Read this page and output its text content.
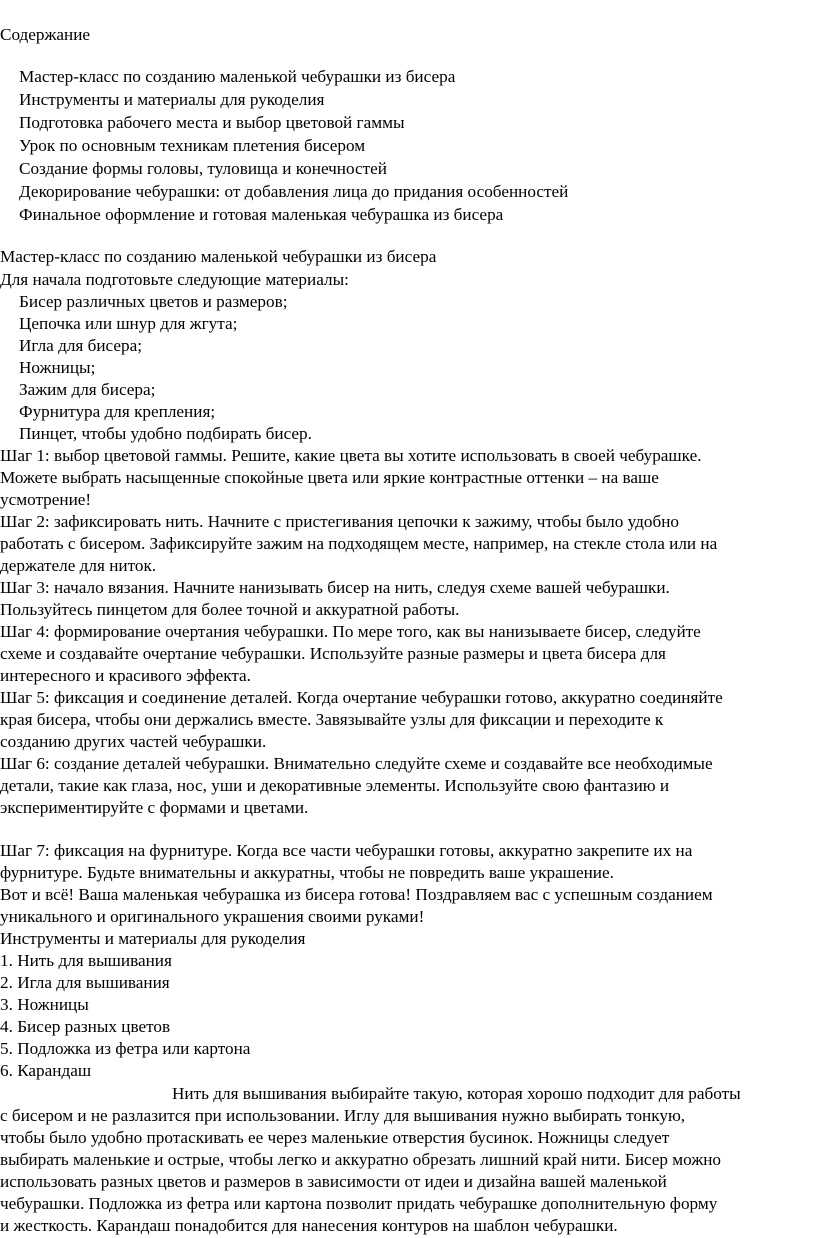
Содержание
Мастер-класс по созданию маленькой чебурашки из бисера
Инструменты и материалы для рукоделия
Подготовка рабочего места и выбор цветовой гаммы
Урок по основным техникам плетения бисером
Создание формы головы, туловища и конечностей
Декорирование чебурашки: от добавления лица до придания особенностей
Финальное оформление и готовая маленькая чебурашка из бисера
Мастер-класс по созданию маленькой чебурашки из бисера
Для начала подготовьте следующие материалы:
Бисер различных цветов и размеров;
Цепочка или шнур для жгута;
Игла для бисера;
Ножницы;
Зажим для бисера;
Фурнитура для крепления;
Пинцет, чтобы удобно подбирать бисер.
Шаг 1: выбор цветовой гаммы. Решите, какие цвета вы хотите использовать в своей чебурашке.
Можете выбрать насыщенные спокойные цвета или яркие контрастные оттенки – на ваше
усмотрение!
Шаг 2: зафиксировать нить. Начните с пристегивания цепочки к зажиму, чтобы было удобно
работать с бисером. Зафиксируйте зажим на подходящем месте, например, на стекле стола или на
держателе для ниток.
Шаг 3: начало вязания. Начните нанизывать бисер на нить, следуя схеме вашей чебурашки.
Пользуйтесь пинцетом для более точной и аккуратной работы.
Шаг 4: формирование очертания чебурашки. По мере того, как вы нанизываете бисер, следуйте
схеме и создавайте очертание чебурашки. Используйте разные размеры и цвета бисера для
интересного и красивого эффекта.
Шаг 5: фиксация и соединение деталей. Когда очертание чебурашки готово, аккуратно соединяйте
края бисера, чтобы они держались вместе. Завязывайте узлы для фиксации и переходите к
созданию других частей чебурашки.
Шаг 6: создание деталей чебурашки. Внимательно следуйте схеме и создавайте все необходимые
детали, такие как глаза, нос, уши и декоративные элементы. Используйте свою фантазию и
экспериментируйте с формами и цветами.
Шаг 7: фиксация на фурнитуре. Когда все части чебурашки готовы, аккуратно закрепите их на
фурнитуре. Будьте внимательны и аккуратны, чтобы не повредить ваше украшение.
Вот и всё! Ваша маленькая чебурашка из бисера готова! Поздравляем вас с успешным созданием
уникального и оригинального украшения своими руками!
Инструменты и материалы для рукоделия
1. Нить для вышивания
2. Игла для вышивания
3. Ножницы
4. Бисер разных цветов
5. Подложка из фетра или картона
6. Карандаш
Нить для вышивания выбирайте такую, которая хорошо подходит для работы
с бисером и не разлазится при использовании. Иглу для вышивания нужно выбирать тонкую,
чтобы было удобно протаскивать ее через маленькие отверстия бусинок. Ножницы следует
выбирать маленькие и острые, чтобы легко и аккуратно обрезать лишний край нити. Бисер можно
использовать разных цветов и размеров в зависимости от идеи и дизайна вашей маленькой
чебурашки. Подложка из фетра или картона позволит придать чебурашке дополнительную форму
и жесткость. Карандаш понадобится для нанесения контуров на шаблон чебурашки.
